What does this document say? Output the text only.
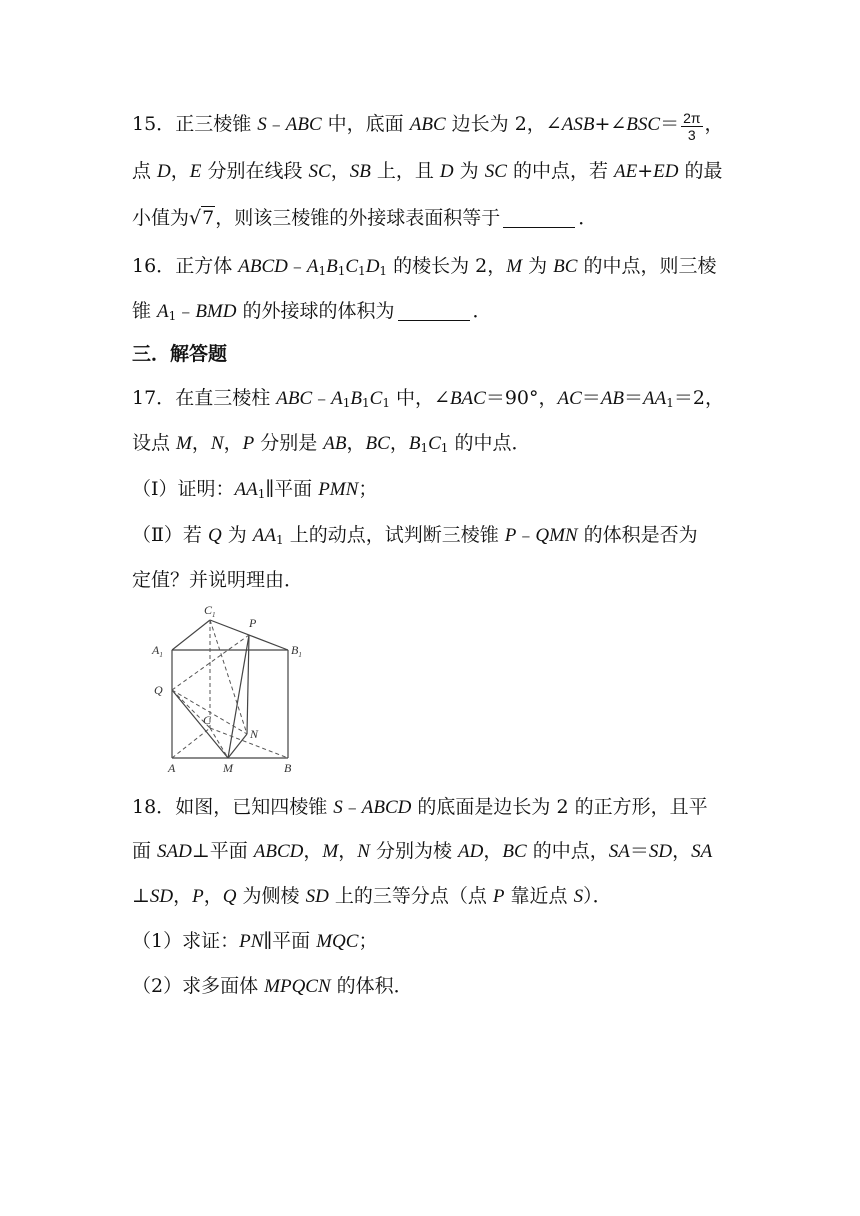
15．正三棱锥 S﹣ABC 中，底面 ABC 边长为 2，∠ASB+∠BSC＝ $\frac{2\pi}{3}$ ，
点 D，E 分别在线段 SC，SB 上，且 D 为 SC 的中点，若 AE+ED 的最
小值为√7，则该三棱锥的外接球表面积等于	．
16．正方体 $ABCD﹣A_1B_1C_1D_1$ 的棱长为 2，M 为 BC 的中点，则三棱
锥 $A_1﹣BMD$ 的外接球的体积为	．
三．解答题
17．在直三棱柱 $ABC﹣A_1B_1C_1$ 中，∠BAC＝90°，$AC=AB=AA_1=2$，
设点 M，N，P 分别是 AB，BC，$B_1C_1$ 的中点．
（Ⅰ）证明：$AA_1\parallel$平面 PMN；
（Ⅱ）若 Q 为 $AA_1$ 上的动点，试判断三棱锥 P﹣QMN 的体积是否为
定值？并说明理由．
$C_1$
P
$A_1$	$B_1$
Q
C
N
A	M	B
18．如图，已知四棱锥 S﹣ABCD 的底面是边长为 2 的正方形，且平
面 SAD⊥平面 ABCD，M，N 分别为棱 AD，BC 的中点，SA＝SD，SA
⊥SD，P，Q 为侧棱 SD 上的三等分点（点 P 靠近点 S）．
（1）求证：PN∥平面 MQC；
（2）求多面体 MPQCN 的体积．
